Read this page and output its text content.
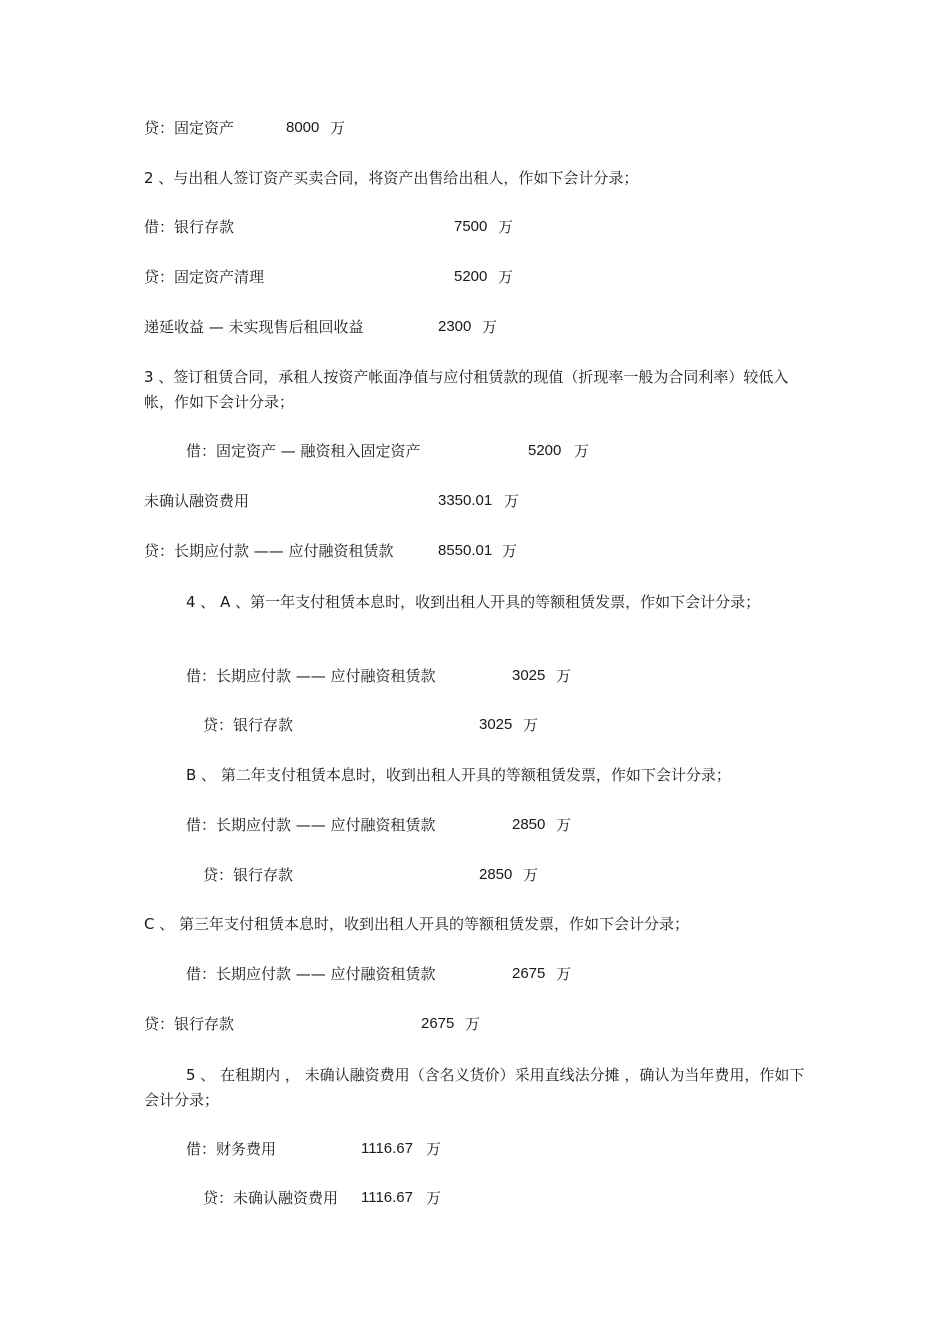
贷：固定资产	8000 万
2 、与出租人签订资产买卖合同，将资产出售给出租人，作如下会计分录；
借：银行存款	7500 万
贷：固定资产清理	5200 万
递延收益 — 未实现售后租回收益	2300 万
3 、签订租赁合同，承租人按资产帐面净值与应付租赁款的现值（折现率一般为合同利率）较低入帐，作如下会计分录；
借：固定资产 — 融资租入固定资产	5200 万
未确认融资费用	3350.01 万
贷：长期应付款 —— 应付融资租赁款	8550.01 万
4 、 A 、第一年支付租赁本息时，收到出租人开具的等额租赁发票，作如下会计分录；
借：长期应付款 —— 应付融资租赁款	3025 万
贷：银行存款	3025 万
B 、 第二年支付租赁本息时，收到出租人开具的等额租赁发票，作如下会计分录；
借：长期应付款 —— 应付融资租赁款	2850 万
贷：银行存款	2850 万
C 、 第三年支付租赁本息时，收到出租人开具的等额租赁发票，作如下会计分录；
借：长期应付款 —— 应付融资租赁款	2675 万
贷：银行存款	2675 万
5 、 在租期内 ， 未确认融资费用（含名义货价）采用直线法分摊 ，确认为当年费用，作如下会计分录；
借：财务费用	1116.67 万
贷：未确认融资费用 1116.67 万
